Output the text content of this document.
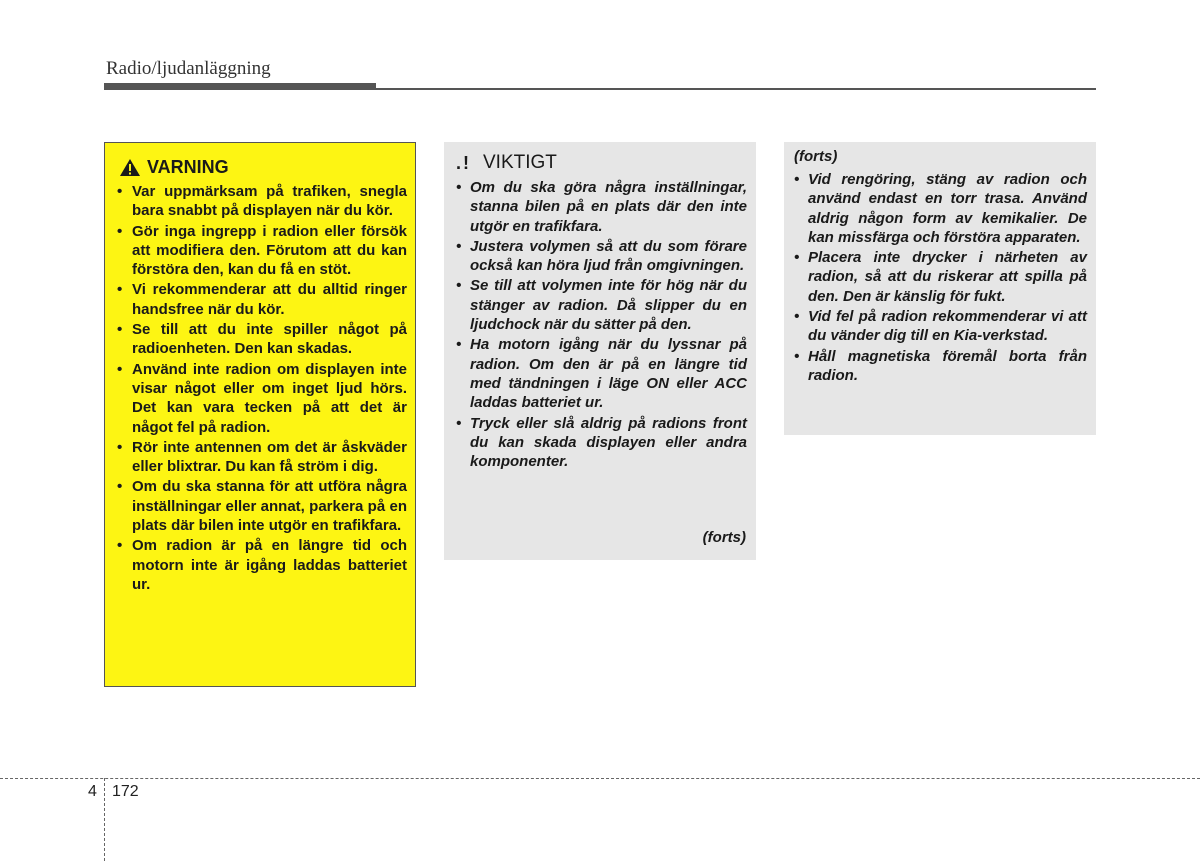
Radio/ljudanläggning
VARNING
• Var uppmärksam på trafiken, snegla bara snabbt på displayen när du kör.
• Gör inga ingrepp i radion eller försök att modifiera den. Förutom att du kan förstöra den, kan du få en stöt.
• Vi rekommenderar att du alltid ringer handsfree när du kör.
• Se till att du inte spiller något på radioenheten. Den kan skadas.
• Använd inte radion om displayen inte visar något eller om inget ljud hörs. Det kan vara tecken på att det är något fel på radion.
• Rör inte antennen om det är åskväder eller blixtrar. Du kan få ström i dig.
• Om du ska stanna för att utföra några inställningar eller annat, parkera på en plats där bilen inte utgör en trafikfara.
• Om radion är på en längre tid och motorn inte är igång laddas batteriet ur.
.! VIKTIGT
• Om du ska göra några inställningar, stanna bilen på en plats där den inte utgör en trafikfara.
• Justera volymen så att du som förare också kan höra ljud från omgivningen.
• Se till att volymen inte för hög när du stänger av radion. Då slipper du en ljudchock när du sätter på den.
• Ha motorn igång när du lyssnar på radion. Om den är på en längre tid med tändningen i läge ON eller ACC laddas batteriet ur.
• Tryck eller slå aldrig på radions front du kan skada displayen eller andra komponenter.
(forts)
(forts)
• Vid rengöring, stäng av radion och använd endast en torr trasa. Använd aldrig någon form av kemikalier. De kan missfärga och förstöra apparaten.
• Placera inte drycker i närheten av radion, så att du riskerar att spilla på den. Den är känslig för fukt.
• Vid fel på radion rekommenderar vi att du vänder dig till en Kia-verkstad.
• Håll magnetiska föremål borta från radion.
4 172
